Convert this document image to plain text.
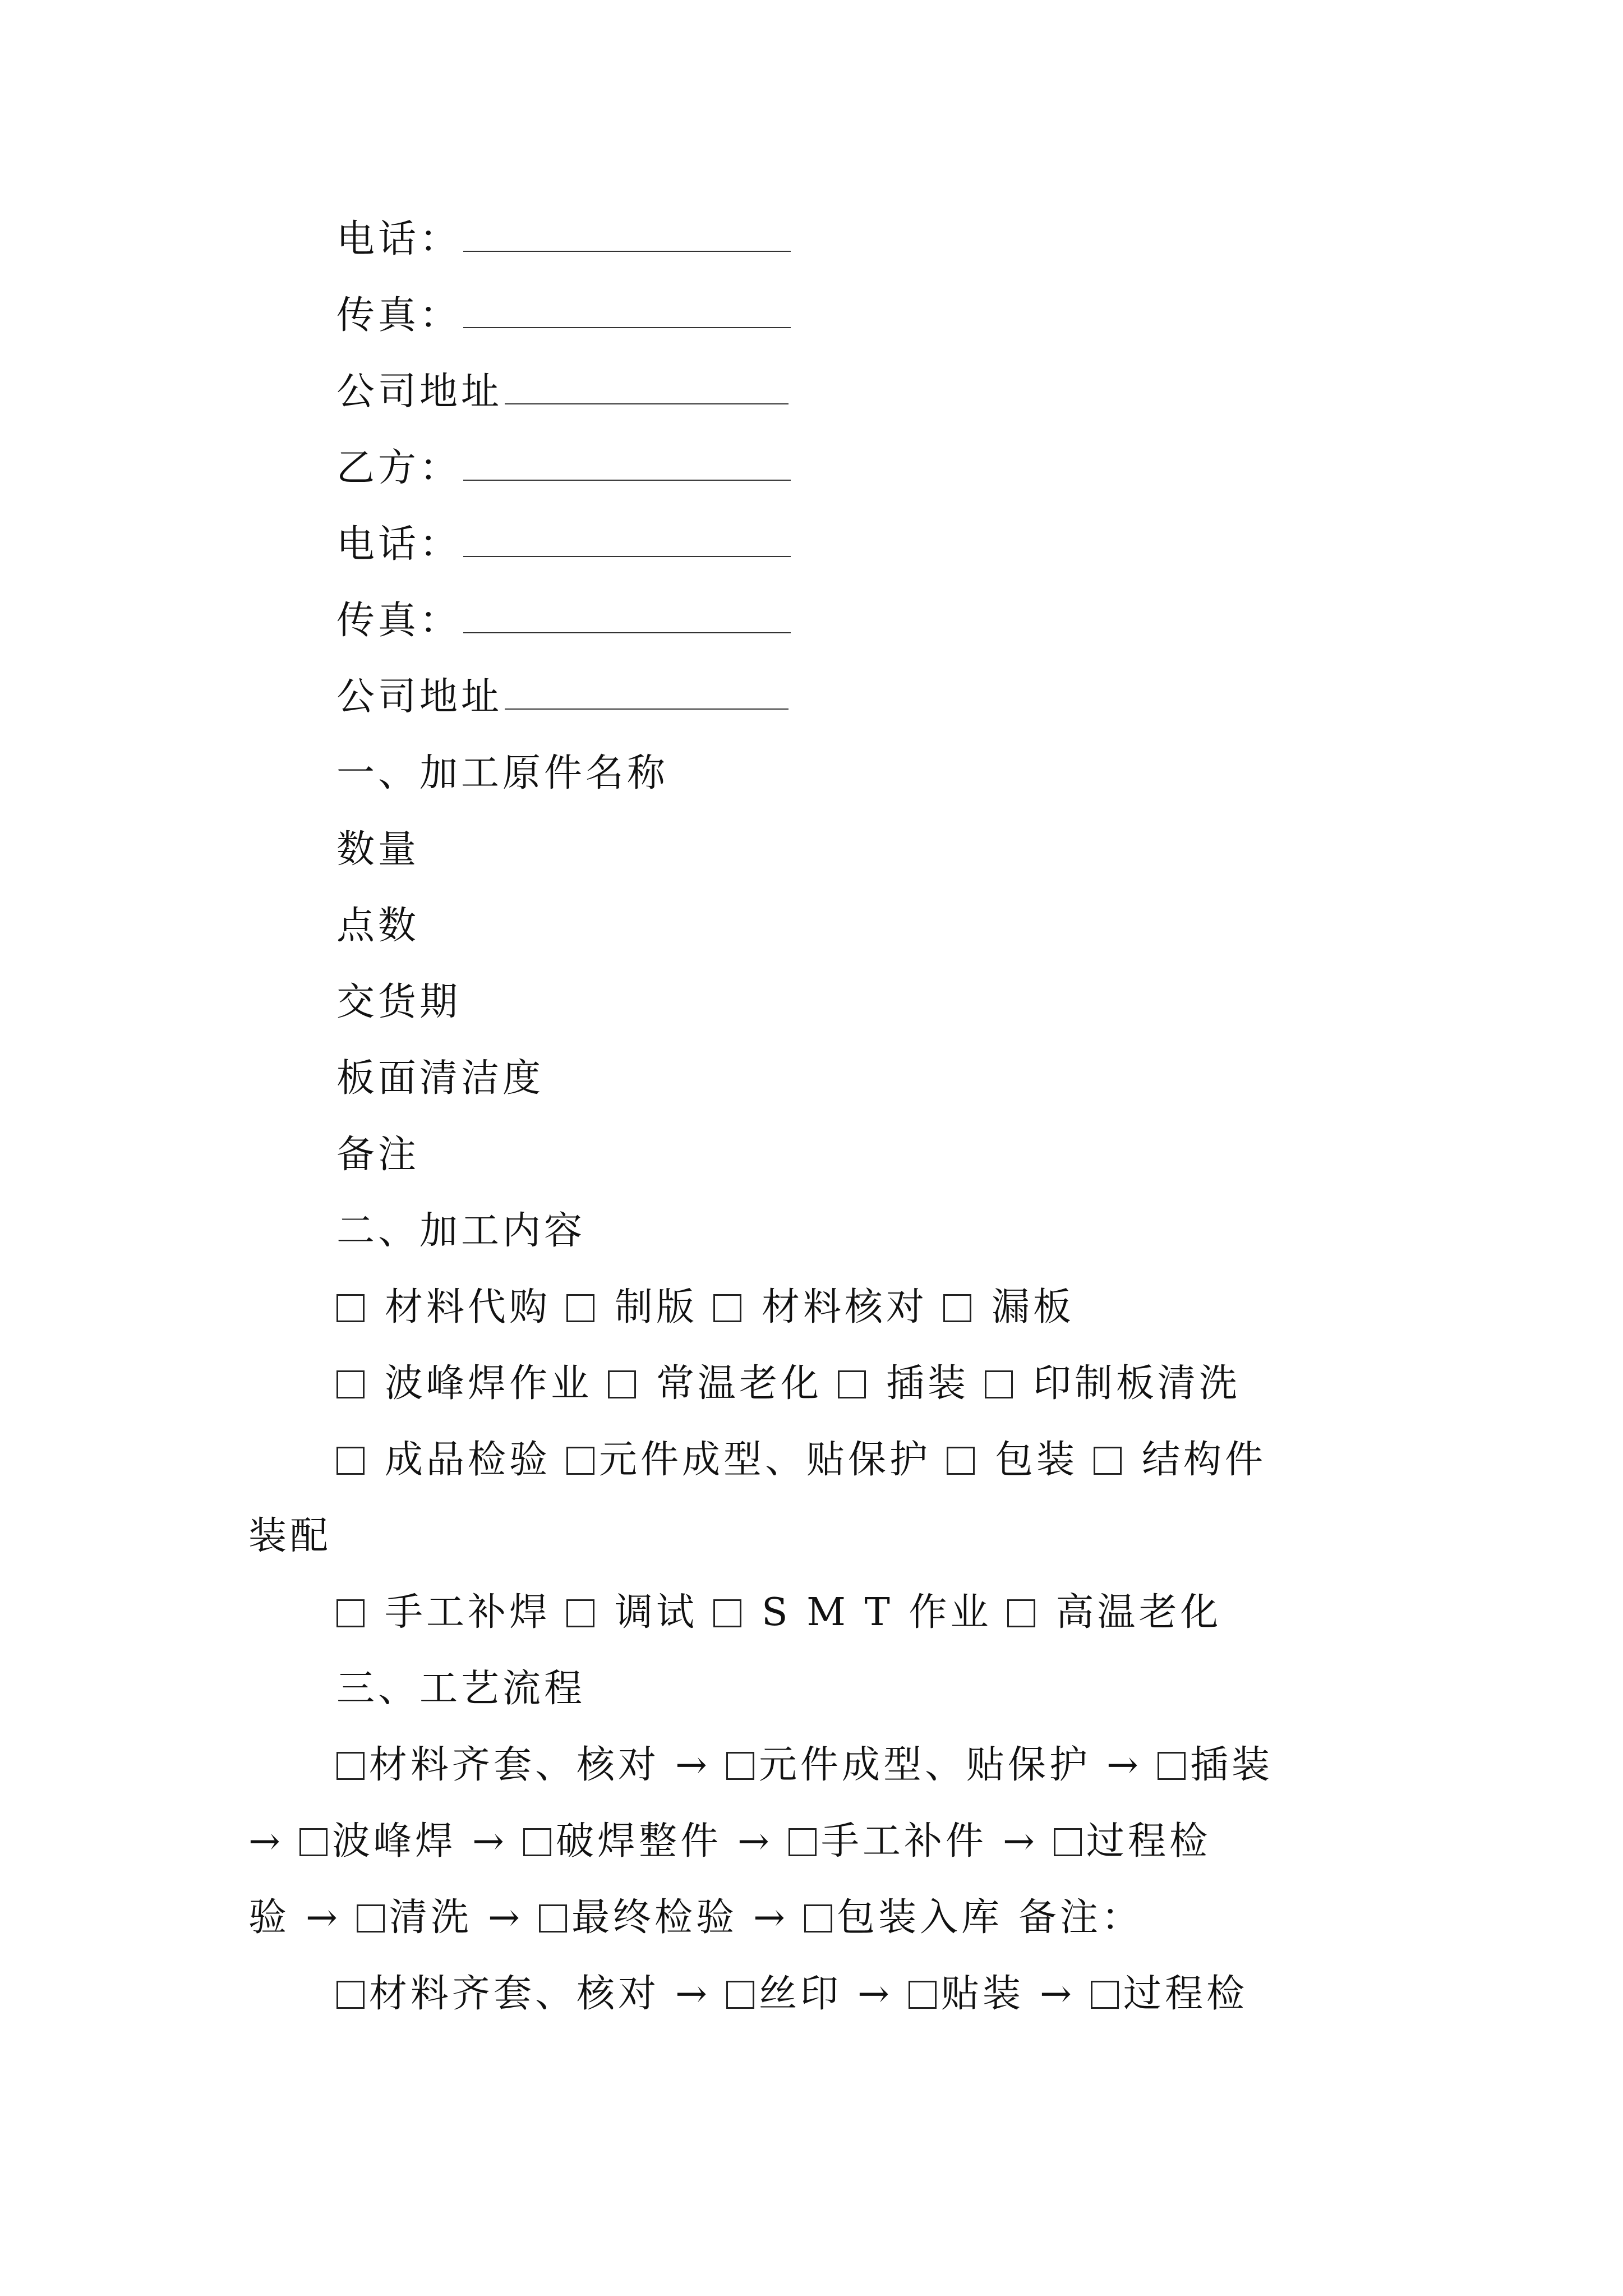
电话：
传真：
公司地址
乙方：
电话：
传真：
公司地址
一、加工原件名称
数量
点数
交货期
板面清洁度
备注
二、加工内容
材料代购 制版 材料核对 漏板
波峰焊作业 常温老化 插装 印制板清洗
成品检验 元件成型、贴保护 包装 结构件
装配
手工补焊 调试 S M T 作业 高温老化
三、工艺流程
材料齐套、核对 → 元件成型、贴保护 → 插装
→ 波峰焊 → 破焊整件 → 手工补件 → 过程检
验 → 清洗 → 最终检验 → 包装入库 备注：
材料齐套、核对 → 丝印 → 贴装 → 过程检
